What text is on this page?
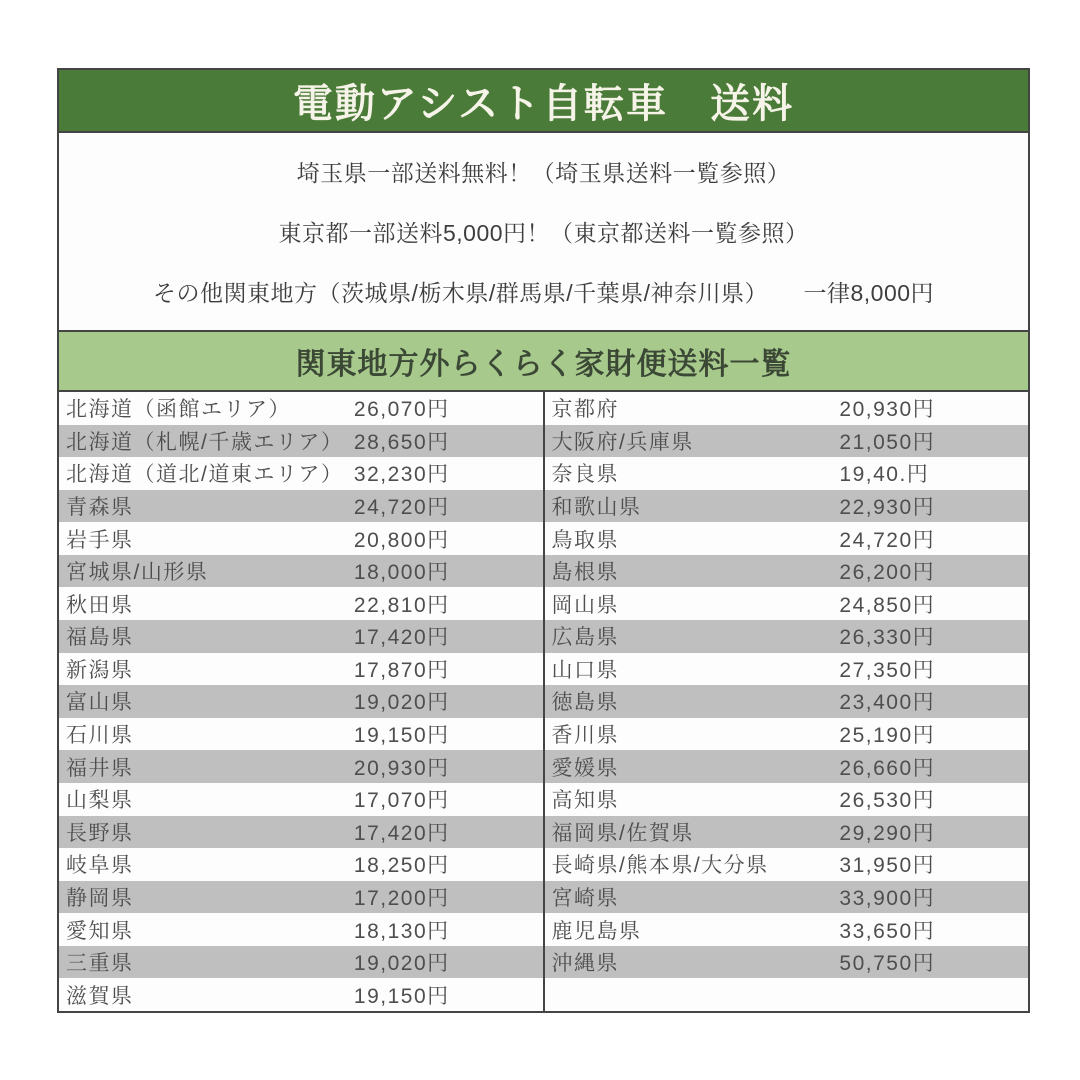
電動アシスト自転車　送料
埼玉県一部送料無料！（埼玉県送料一覧参照）
東京都一部送料5,000円！（東京都送料一覧参照）
その他関東地方（茨城県/栃木県/群馬県/千葉県/神奈川県）　　一律8,000円
関東地方外らくらく家財便送料一覧
北海道（函館エリア）	26,070円
北海道（札幌/千歳エリア） 28,650円
北海道（道北/道東エリア） 32,230円
青森県	24,720円
岩手県	20,800円
宮城県/山形県	18,000円
秋田県	22,810円
福島県	17,420円
新潟県	17,870円
富山県	19,020円
石川県	19,150円
福井県	20,930円
山梨県	17,070円
長野県	17,420円
岐阜県	18,250円
静岡県	17,200円
愛知県	18,130円
三重県	19,020円
滋賀県	19,150円
京都府	20,930円
大阪府/兵庫県	21,050円
奈良県	19,40.円
和歌山県	22,930円
鳥取県	24,720円
島根県	26,200円
岡山県	24,850円
広島県	26,330円
山口県	27,350円
徳島県	23,400円
香川県	25,190円
愛媛県	26,660円
高知県	26,530円
福岡県/佐賀県	29,290円
長崎県/熊本県/大分県	31,950円
宮崎県	33,900円
鹿児島県	33,650円
沖縄県	50,750円
